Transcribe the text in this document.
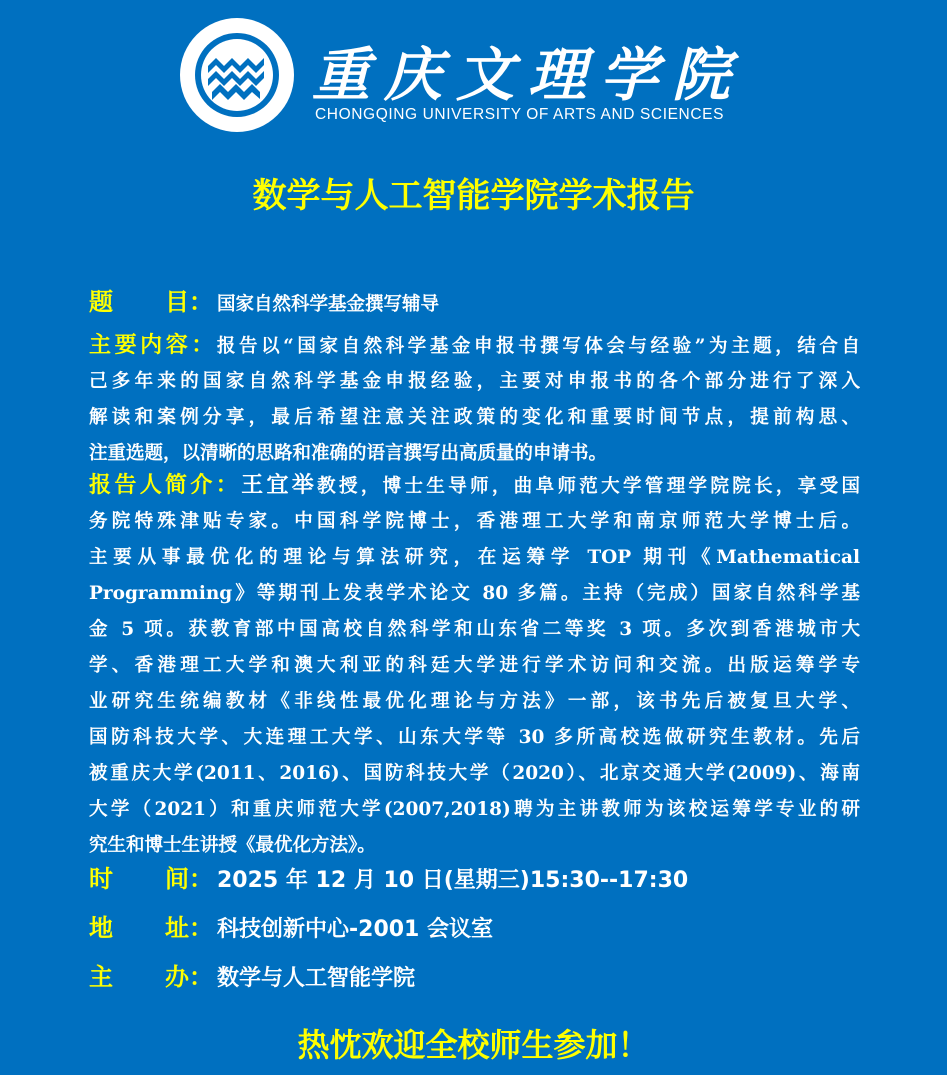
重庆文理学院
CHONGQING UNIVERSITY OF ARTS AND SCIENCES
数学与人工智能学院学术报告
题 目： 国家自然科学基金撰写辅导
主要内容：报告以“国家自然科学基金申报书撰写体会与经验”为主题，结合自
己多年来的国家自然科学基金申报经验，主要对申报书的各个部分进行了深入
解读和案例分享，最后希望注意关注政策的变化和重要时间节点，提前构思、
注重选题，以清晰的思路和准确的语言撰写出高质量的申请书。
报告人简介：王宜举教授，博士生导师，曲阜师范大学管理学院院长，享受国
务院特殊津贴专家。中国科学院博士，香港理工大学和南京师范大学博士后。
主要从事最优化的理论与算法研究，在运筹学 TOP 期刊《Mathematical
Programming》等期刊上发表学术论文 80 多篇。主持（完成）国家自然科学基
金 5 项。获教育部中国高校自然科学和山东省二等奖 3 项。多次到香港城市大
学、香港理工大学和澳大利亚的科廷大学进行学术访问和交流。出版运筹学专
业研究生统编教材《非线性最优化理论与方法》一部，该书先后被复旦大学、
国防科技大学、大连理工大学、山东大学等 30 多所高校选做研究生教材。先后
被重庆大学(2011、2016)、国防科技大学（2020）、北京交通大学(2009)、海南
大学（2021）和重庆师范大学(2007,2018)聘为主讲教师为该校运筹学专业的研
究生和博士生讲授《最优化方法》。
时 间： 2025 年 12 月 10 日(星期三)15:30--17:30
地 址： 科技创新中心-2001 会议室
主 办： 数学与人工智能学院
热忱欢迎全校师生参加！
